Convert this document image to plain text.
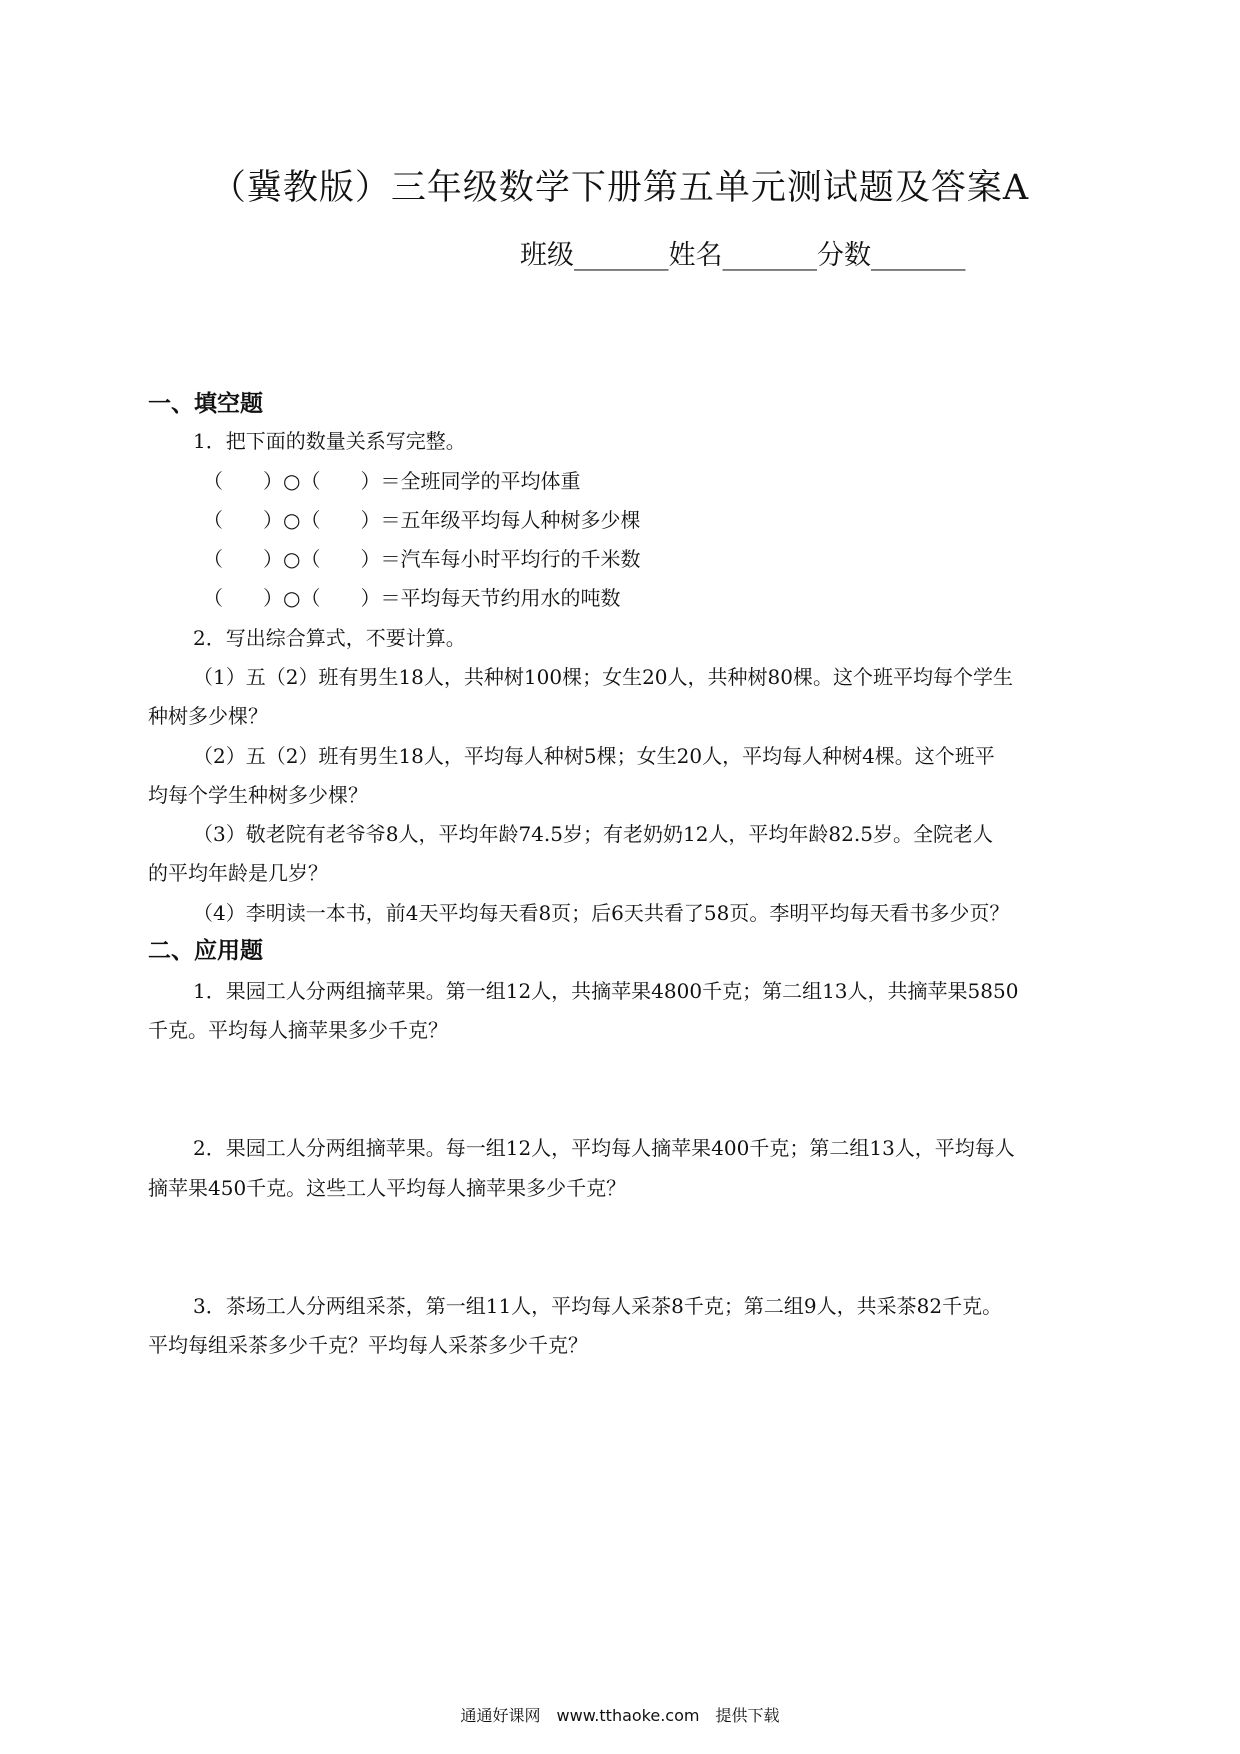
（冀教版）三年级数学下册第五单元测试题及答案A
班级_______姓名_______分数_______
一、填空题
1．把下面的数量关系写完整。
（　　）○（　　）＝全班同学的平均体重
（　　）○（　　）＝五年级平均每人种树多少棵
（　　）○（　　）＝汽车每小时平均行的千米数
（　　）○（　　）＝平均每天节约用水的吨数
2．写出综合算式，不要计算。
（1）五（2）班有男生18人，共种树100棵；女生20人，共种树80棵。这个班平均每个学生
种树多少棵？
（2）五（2）班有男生18人，平均每人种树5棵；女生20人，平均每人种树4棵。这个班平
均每个学生种树多少棵？
（3）敬老院有老爷爷8人，平均年龄74.5岁；有老奶奶12人，平均年龄82.5岁。全院老人
的平均年龄是几岁？
（4）李明读一本书，前4天平均每天看8页；后6天共看了58页。李明平均每天看书多少页？
二、应用题
1．果园工人分两组摘苹果。第一组12人，共摘苹果4800千克；第二组13人，共摘苹果5850
千克。平均每人摘苹果多少千克？
2．果园工人分两组摘苹果。每一组12人，平均每人摘苹果400千克；第二组13人，平均每人
摘苹果450千克。这些工人平均每人摘苹果多少千克？
3．茶场工人分两组采茶，第一组11人，平均每人采茶8千克；第二组9人，共采茶82千克。
平均每组采茶多少千克？平均每人采茶多少千克？
通通好课网　www.tthaoke.com　提供下载
